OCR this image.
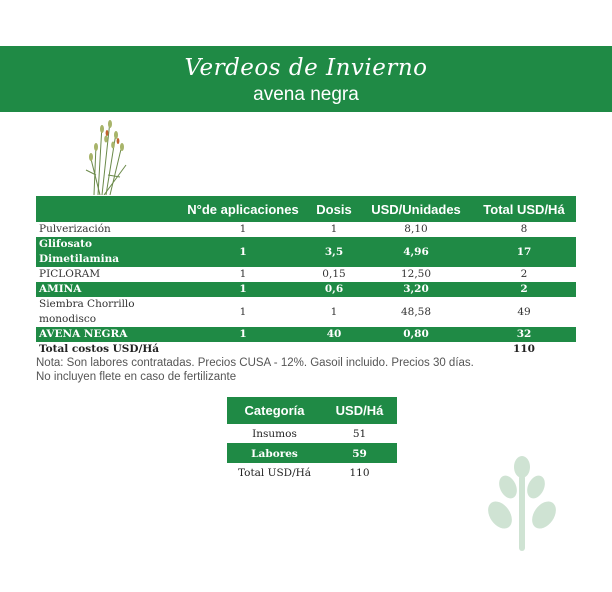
Verdeos de Invierno
avena negra
	N°de aplicaciones	Dosis	USD/Unidades	Total USD/Há
Pulverización	1	1	8,10	8
Glifosato Dimetilamina	1	3,5	4,96	17
PICLORAM	1	0,15	12,50	2
AMINA	1	0,6	3,20	2
Siembra Chorrillo monodisco	1	1	48,58	49
AVENA NEGRA	1	40	0,80	32
Total costos USD/Há				110
Nota: Son labores contratadas. Precios CUSA - 12%. Gasoil incluido. Precios 30 días.
No incluyen flete en caso de fertilizante
Categoría	USD/Há
Insumos	51
Labores	59
Total USD/Há	110
